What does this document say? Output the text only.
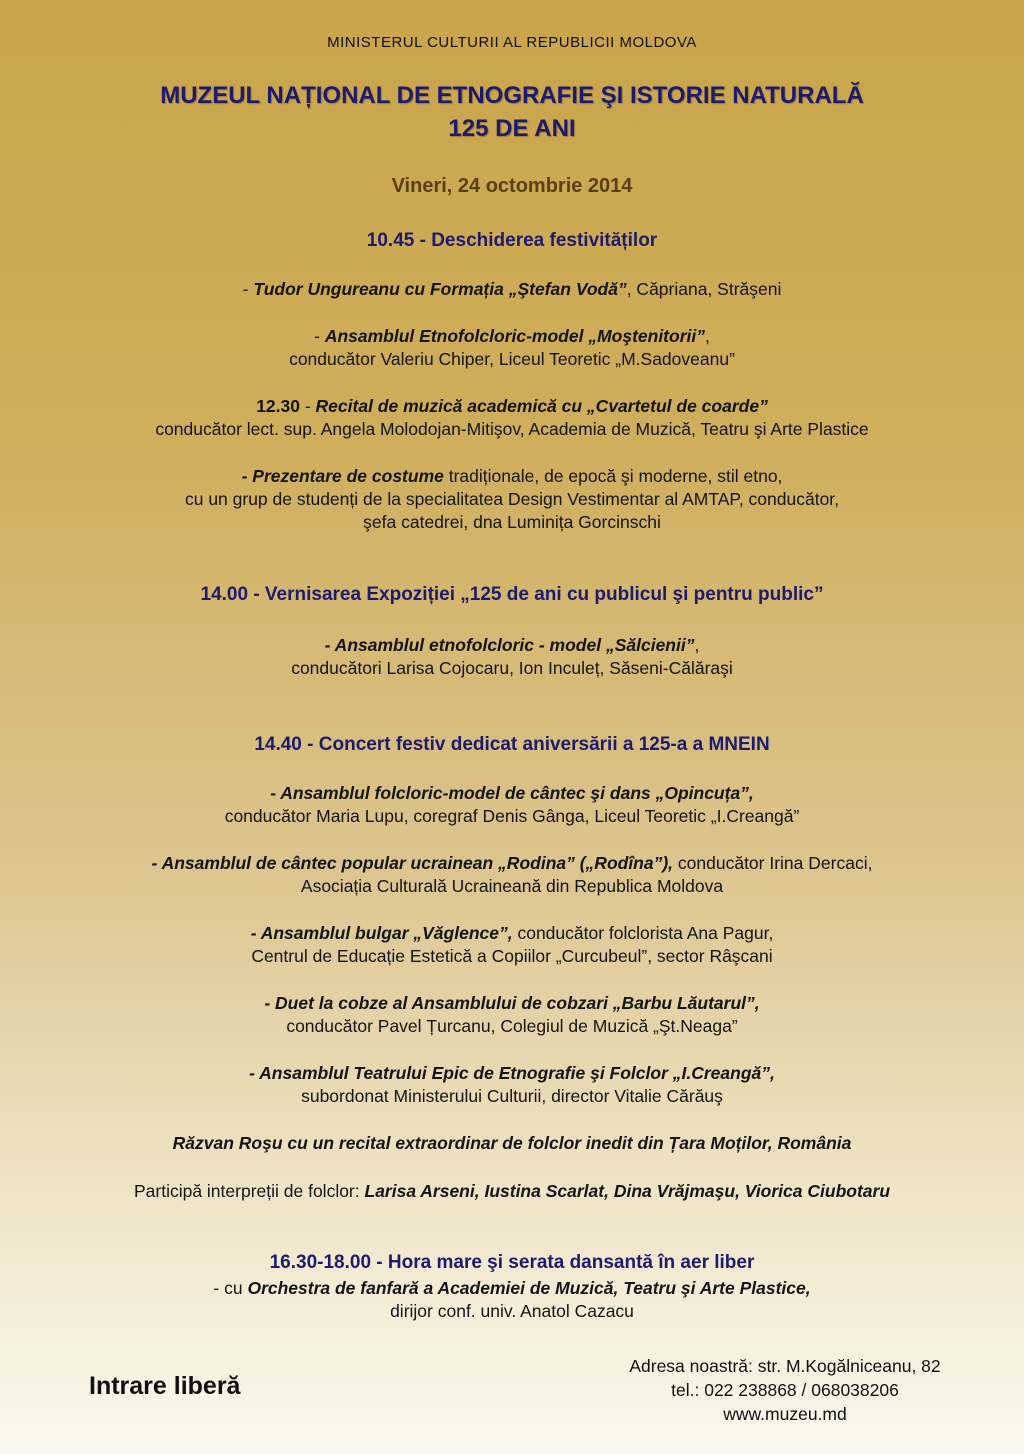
MINISTERUL CULTURII AL REPUBLICII MOLDOVA
MUZEUL NAȚIONAL DE ETNOGRAFIE ŞI ISTORIE NATURALĂ
125 DE ANI
Vineri, 24 octombrie 2014
10.45 - Deschiderea festivităților
- Tudor Ungureanu cu Formația „Ştefan Vodă”, Căpriana, Străşeni
- Ansamblul Etnofolcloric-model „Moştenitorii”,
conducător Valeriu Chiper, Liceul Teoretic „M.Sadoveanu”
12.30 - Recital de muzică academică cu „Cvartetul de coarde”
conducător lect. sup. Angela Molodojan-Mitişov, Academia de Muzică, Teatru şi Arte Plastice
- Prezentare de costume tradiționale, de epocă şi moderne, stil etno,
cu un grup de studenți de la specialitatea Design Vestimentar al AMTAP, conducător,
şefa catedrei, dna Luminița Gorcinschi
14.00 - Vernisarea Expoziției „125 de ani cu publicul şi pentru public”
- Ansamblul etnofolcloric - model „Sălcienii”,
conducători Larisa Cojocaru, Ion Inculeț, Săseni-Călăraşi
14.40 - Concert festiv dedicat aniversării a 125-a a MNEIN
- Ansamblul folcloric-model de cântec şi dans „Opincuța”,
conducător Maria Lupu, coregraf Denis Gânga, Liceul Teoretic „I.Creangă”
- Ansamblul de cântec popular ucrainean „Rodina” („Rodîna”), conducător Irina Dercaci,
Asociația Culturală Ucraineană din Republica Moldova
- Ansamblul bulgar „Văglence”, conducător folclorista Ana Pagur,
Centrul de Educație Estetică a Copiilor „Curcubeul”, sector Râşcani
- Duet la cobze al Ansamblului de cobzari „Barbu Lăutarul”,
conducător Pavel Țurcanu, Colegiul de Muzică „Şt.Neaga”
- Ansamblul Teatrului Epic de Etnografie şi Folclor „I.Creangă”,
subordonat Ministerului Culturii, director Vitalie Cărăuş
Răzvan Roşu cu un recital extraordinar de folclor inedit din Țara Moților, România
Participă interpreții de folclor: Larisa Arseni, Iustina Scarlat, Dina Vrăjmaşu, Viorica Ciubotaru
16.30-18.00 - Hora mare şi serata dansantă în aer liber
- cu Orchestra de fanfară a Academiei de Muzică, Teatru şi Arte Plastice,
dirijor conf. univ. Anatol Cazacu
Intrare liberă
Adresa noastră: str. M.Kogălniceanu, 82
tel.: 022 238868 / 068038206
www.muzeu.md
